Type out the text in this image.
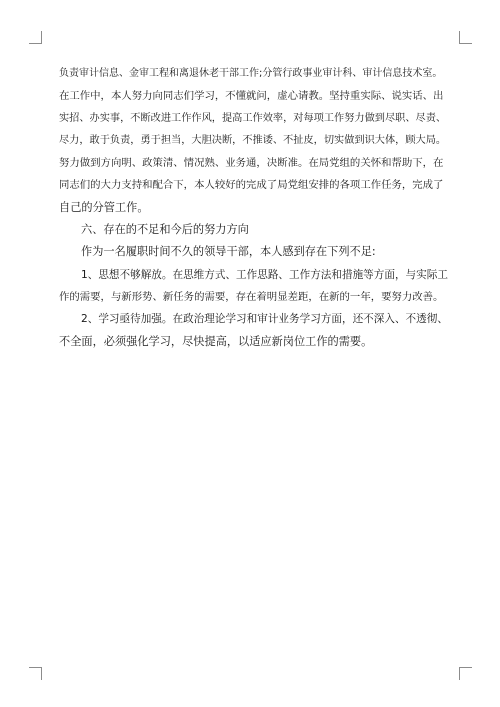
负责审计信息、金审工程和离退休老干部工作;分管行政事业审计科、审计信息技术室。
在工作中，本人努力向同志们学习，不懂就问，虚心请教。坚持重实际、说实话、出
实招、办实事，不断改进工作作风，提高工作效率，对每项工作努力做到尽职、尽责、
尽力，敢于负责，勇于担当，大胆决断，不推诿、不扯皮，切实做到识大体，顾大局。
努力做到方向明、政策清、情况熟、业务通，决断准。在局党组的关怀和帮助下，在
同志们的大力支持和配合下，本人较好的完成了局党组安排的各项工作任务，完成了
自己的分管工作。
六、存在的不足和今后的努力方向
作为一名履职时间不久的领导干部，本人感到存在下列不足:
1、思想不够解放。在思维方式、工作思路、工作方法和措施等方面，与实际工
作的需要，与新形势、新任务的需要，存在着明显差距，在新的一年，要努力改善。
2、学习亟待加强。在政治理论学习和审计业务学习方面，还不深入、不透彻、
不全面，必须强化学习，尽快提高，以适应新岗位工作的需要。
